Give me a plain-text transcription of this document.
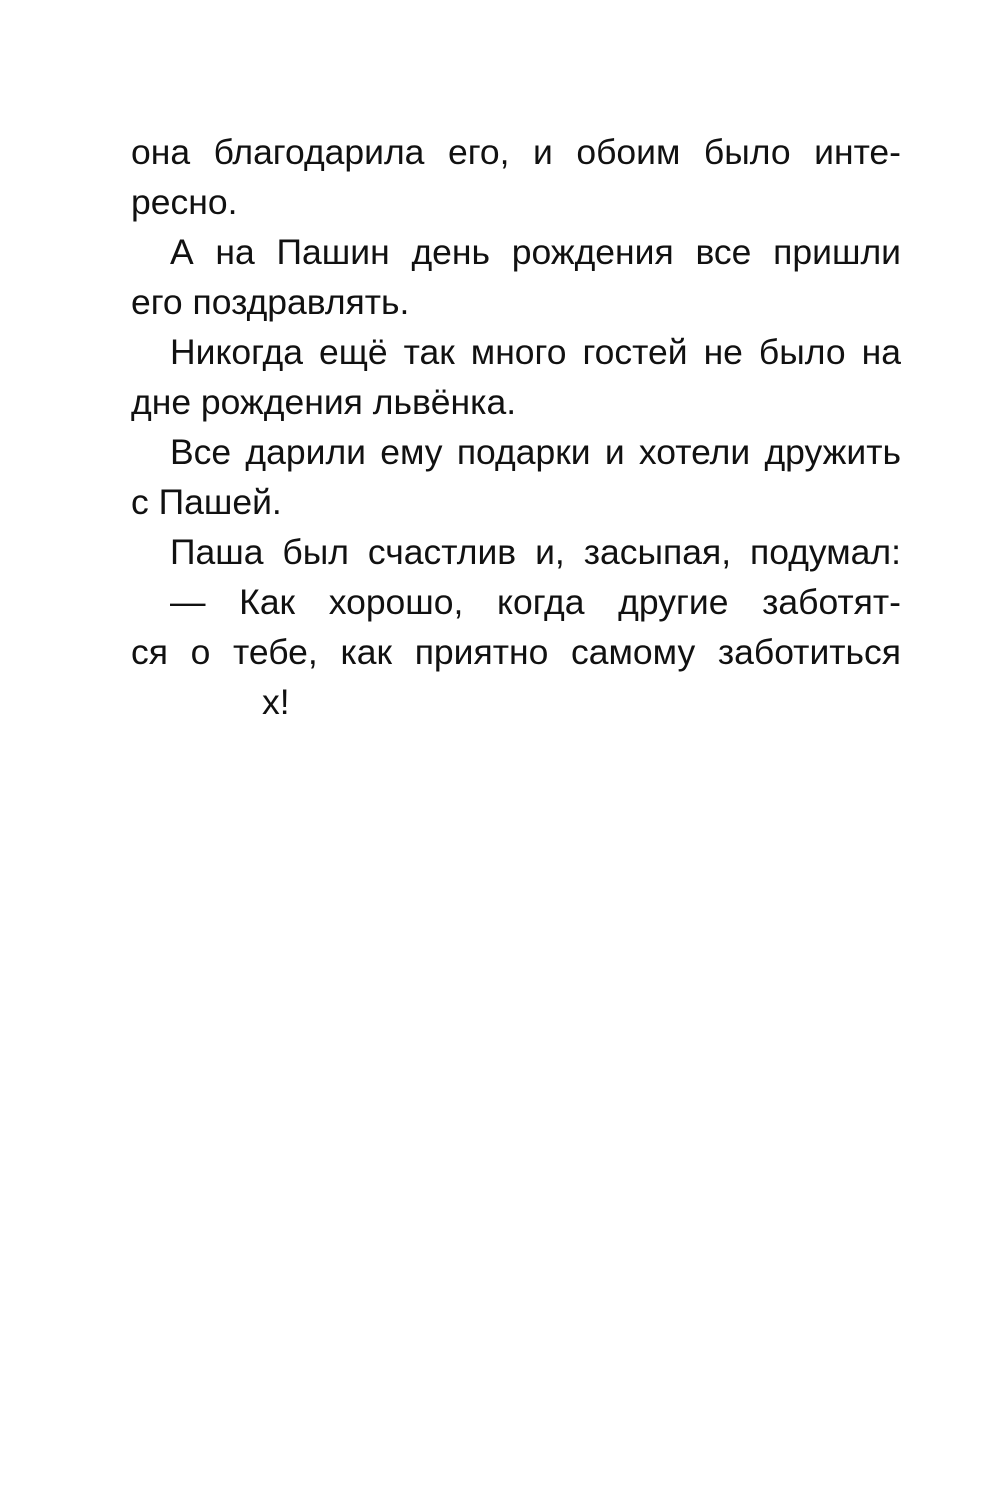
она благодарила его, и обоим было инте-
ресно.
А на Пашин день рождения все пришли
его поздравлять.
Никогда ещё так много гостей не было на
дне рождения львёнка.
Все дарили ему подарки и хотели дружить
с Пашей.
Паша был счастлив и, засыпая, подумал:
— Как хорошо, когда другие заботят-
ся о тебе, как приятно самому заботиться
х!
